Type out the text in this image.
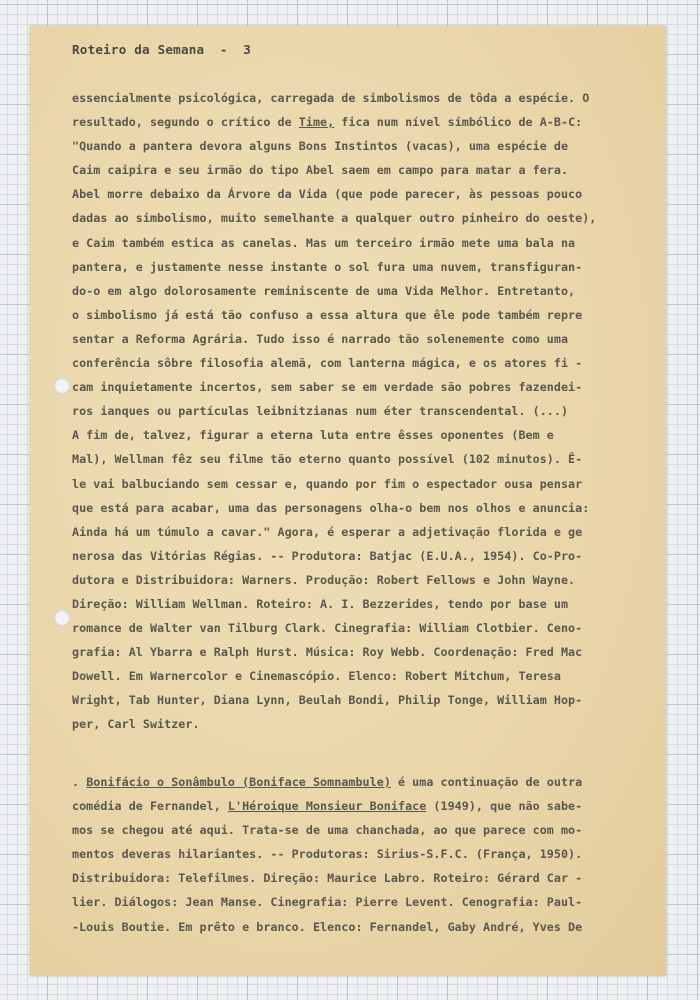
Roteiro da Semana  -  3
essencialmente psicológica, carregada de simbolismos de tôda a espécie. O
resultado, segundo o crítico de Time, fica num nível simbólico de A-B-C:
"Quando a pantera devora alguns Bons Instintos (vacas), uma espécie de
Caim caipira e seu irmão do tipo Abel saem em campo para matar a fera.
Abel morre debaixo da Árvore da Vida (que pode parecer, às pessoas pouco
dadas ao simbolismo, muito semelhante a qualquer outro pinheiro do oeste),
e Caim também estica as canelas. Mas um terceiro irmão mete uma bala na
pantera, e justamente nesse instante o sol fura uma nuvem, transfiguran-
do-o em algo dolorosamente reminiscente de uma Vida Melhor. Entretanto,
o simbolismo já está tão confuso a essa altura que êle pode também repre
sentar a Reforma Agrária. Tudo isso é narrado tão solenemente como uma
conferência sôbre filosofia alemã, com lanterna mágica, e os atores fi -
cam inquietamente incertos, sem saber se em verdade são pobres fazendei-
ros ianques ou partículas leibnitzianas num éter transcendental. (...)
A fim de, talvez, figurar a eterna luta entre êsses oponentes (Bem e
Mal), Wellman fêz seu filme tão eterno quanto possível (102 minutos). Ê-
le vai balbuciando sem cessar e, quando por fim o espectador ousa pensar
que está para acabar, uma das personagens olha-o bem nos olhos e anuncia:
Ainda há um túmulo a cavar." Agora, é esperar a adjetivação florida e ge
nerosa das Vitórias Régias. -- Produtora: Batjac (E.U.A., 1954). Co-Pro-
dutora e Distribuidora: Warners. Produção: Robert Fellows e John Wayne.
Direção: William Wellman. Roteiro: A. I. Bezzerides, tendo por base um
romance de Walter van Tilburg Clark. Cinegrafia: William Clotbier. Ceno-
grafia: Al Ybarra e Ralph Hurst. Música: Roy Webb. Coordenação: Fred Mac
Dowell. Em Warnercolor e Cinemascópio. Elenco: Robert Mitchum, Teresa
Wright, Tab Hunter, Diana Lynn, Beulah Bondi, Philip Tonge, William Hop-
per, Carl Switzer.
. Bonifácio o Sonâmbulo (Boniface Somnambule) é uma continuação de outra
comédia de Fernandel, L'Héroique Monsieur Boniface (1949), que não sabe-
mos se chegou até aqui. Trata-se de uma chanchada, ao que parece com mo-
mentos deveras hilariantes. -- Produtoras: Sirius-S.F.C. (França, 1950).
Distribuidora: Telefilmes. Direção: Maurice Labro. Roteiro: Gérard Car -
lier. Diálogos: Jean Manse. Cinegrafia: Pierre Levent. Cenografia: Paul-
-Louis Boutie. Em prêto e branco. Elenco: Fernandel, Gaby André, Yves De
